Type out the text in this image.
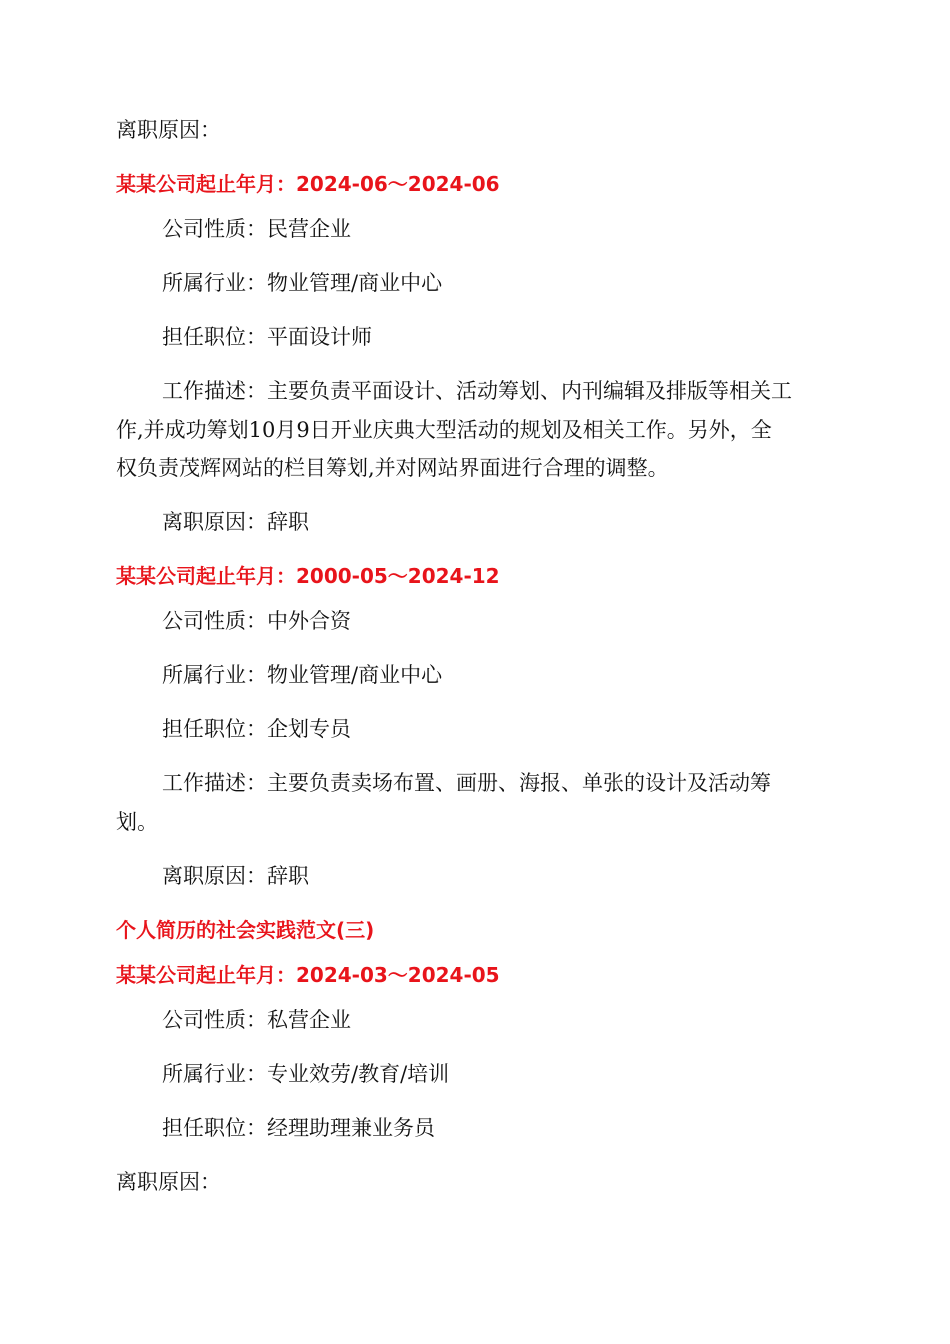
离职原因：
某某公司起止年月：2024-06～2024-06
公司性质：民营企业
所属行业：物业管理/商业中心
担任职位：平面设计师
工作描述：主要负责平面设计、活动筹划、内刊编辑及排版等相关工
作,并成功筹划10月9日开业庆典大型活动的规划及相关工作。另外，全
权负责茂辉网站的栏目筹划,并对网站界面进行合理的调整。
离职原因：辞职
某某公司起止年月：2000-05～2024-12
公司性质：中外合资
所属行业：物业管理/商业中心
担任职位：企划专员
工作描述：主要负责卖场布置、画册、海报、单张的设计及活动筹
划。
离职原因：辞职
个人简历的社会实践范文(三)
某某公司起止年月：2024-03～2024-05
公司性质：私营企业
所属行业：专业效劳/教育/培训
担任职位：经理助理兼业务员
离职原因：
